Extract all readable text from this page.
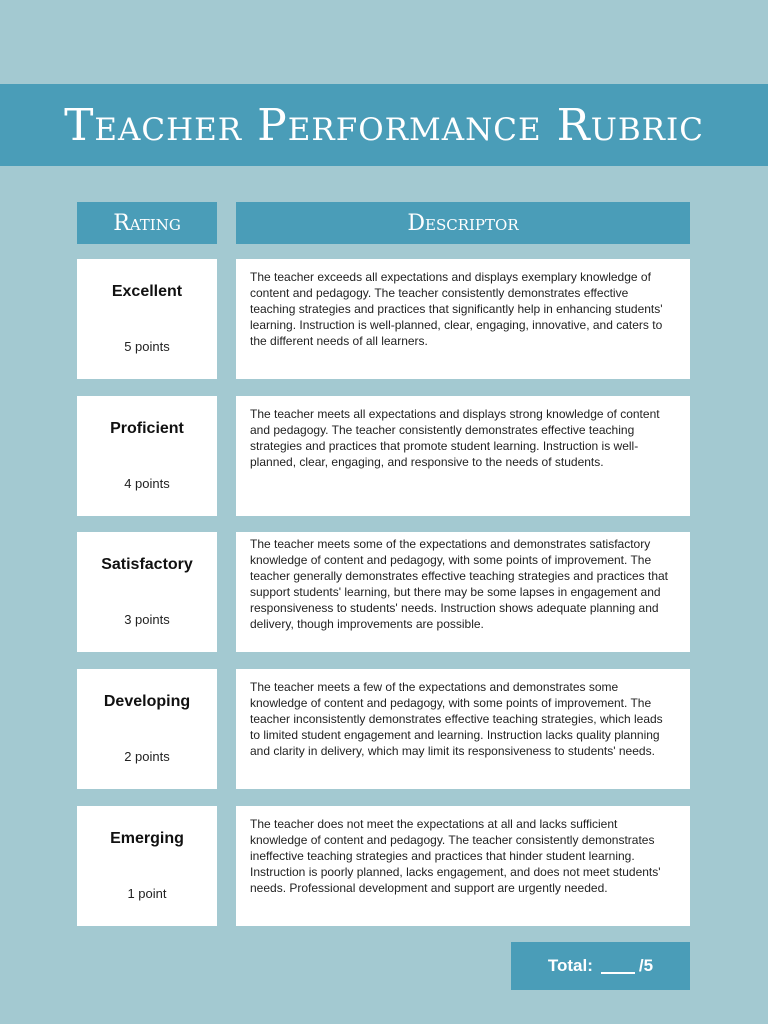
Teacher Performance Rubric
Rating	Descriptor
Excellent
5 points
The teacher exceeds all expectations and displays exemplary knowledge of content and pedagogy. The teacher consistently demonstrates effective teaching strategies and practices that significantly help in enhancing students' learning. Instruction is well-planned, clear, engaging, innovative, and caters to the different needs of all learners.
Proficient
4 points
The teacher meets all expectations and displays strong knowledge of content and pedagogy. The teacher consistently demonstrates effective teaching strategies and practices that promote student learning. Instruction is well-planned, clear, engaging, and responsive to the needs of students.
Satisfactory
3 points
The teacher meets some of the expectations and demonstrates satisfactory knowledge of content and pedagogy, with some points of improvement. The teacher generally demonstrates effective teaching strategies and practices that support students' learning, but there may be some lapses in engagement and responsiveness to students' needs. Instruction shows adequate planning and delivery, though improvements are possible.
Developing
2 points
The teacher meets a few of the expectations and demonstrates some knowledge of content and pedagogy, with some points of improvement. The teacher inconsistently demonstrates effective teaching strategies, which leads to limited student engagement and learning. Instruction lacks quality planning and clarity in delivery, which may limit its responsiveness to students' needs.
Emerging
1 point
The teacher does not meet the expectations at all and lacks sufficient knowledge of content and pedagogy. The teacher consistently demonstrates ineffective teaching strategies and practices that hinder student learning. Instruction is poorly planned, lacks engagement, and does not meet students' needs. Professional development and support are urgently needed.
Total:	/5
